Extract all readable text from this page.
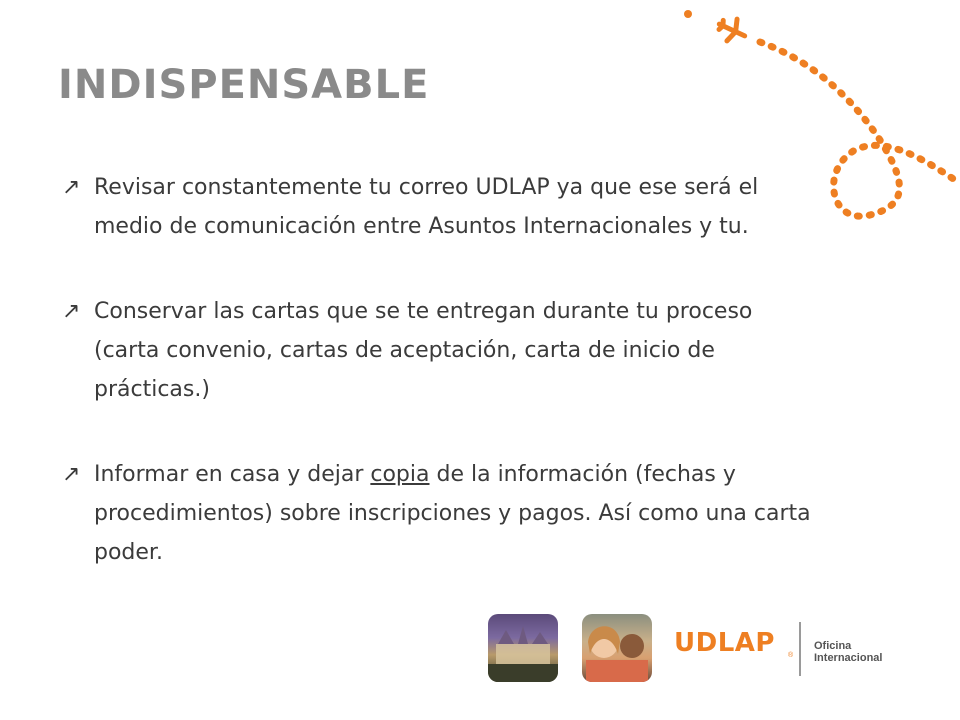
INDISPENSABLE
↗ Revisar constantemente tu correo UDLAP ya que ese será el medio de comunicación entre Asuntos Internacionales y tu.
↗ Conservar las cartas que se te entregan durante tu proceso (carta convenio, cartas de aceptación, carta de inicio de prácticas.)
↗ Informar en casa y dejar copia de la información (fechas y procedimientos) sobre inscripciones y pagos. Así como una carta poder.
UDLAP ®
Oficina Internacional
